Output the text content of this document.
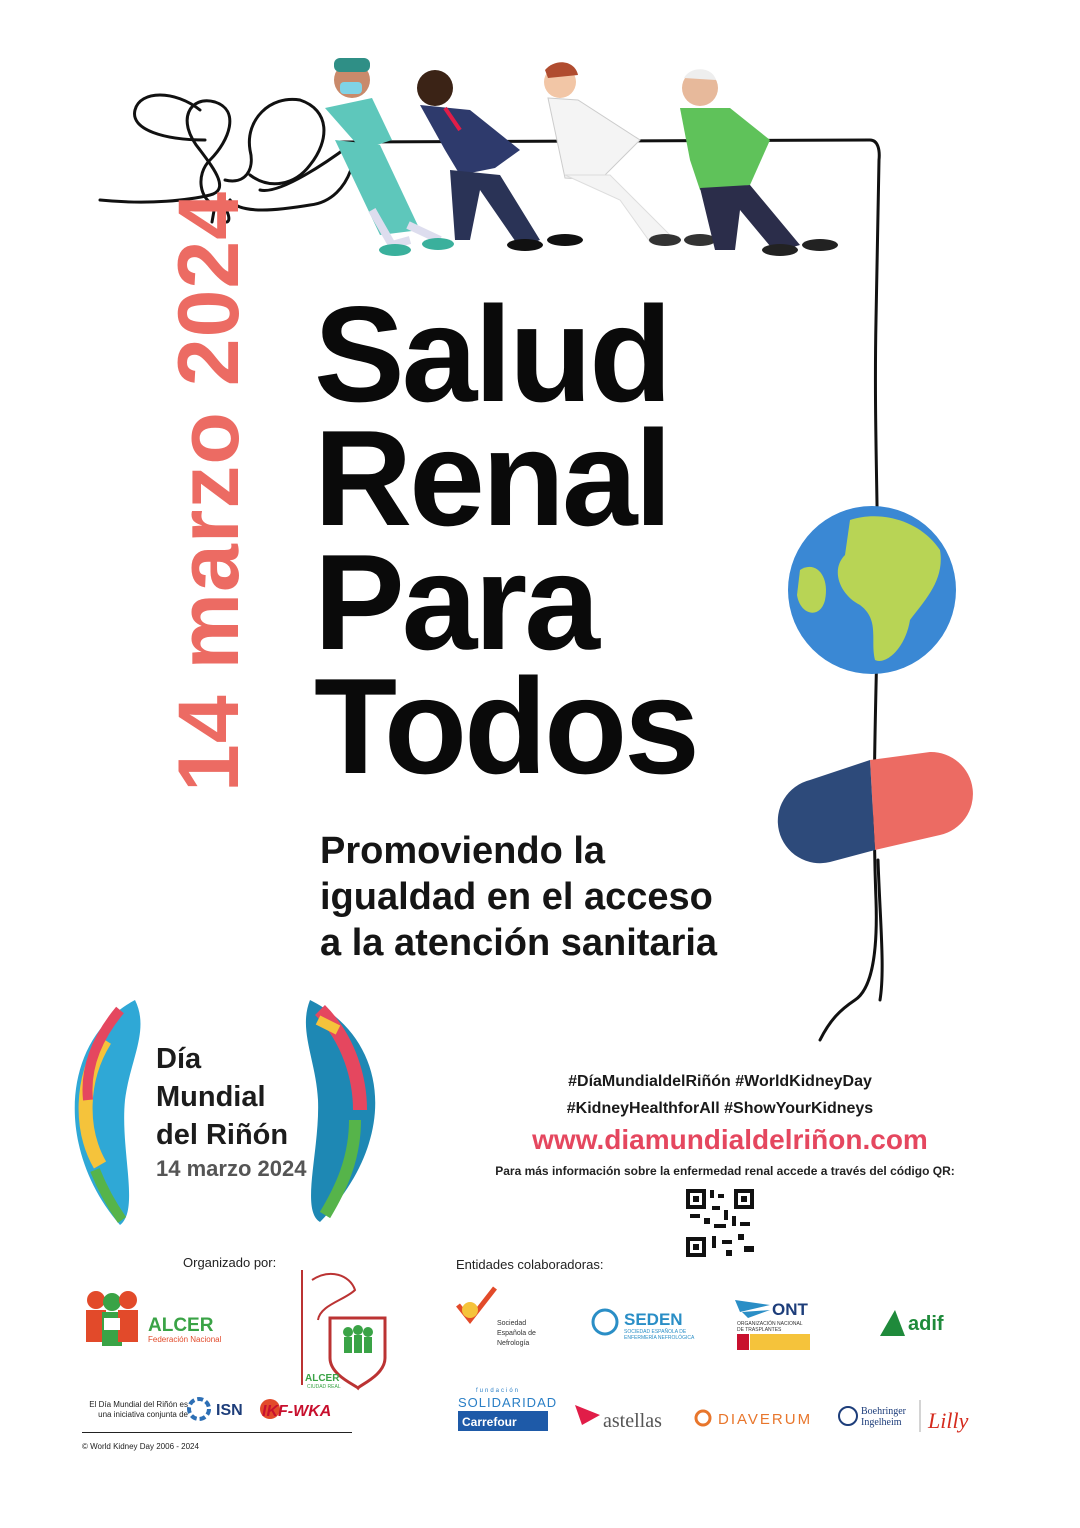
ALCER
Federación Nacional
ALCER
CIUDAD REAL
ISN IKF-WKA
Sociedad
Española de
Nefrología
SEDEN
SOCIEDAD ESPAÑOLA DE
ENFERMERÍA NEFROLÓGICA
ONT
ORGANIZACIÓN NACIONAL
DE TRASPLANTES	adif
fundación
SOLIDARIDAD
Carrefour	astellas	DIAVERUM	Boehringer
Ingelheim Lilly
14 marzo 2024 Salud
Renal
Para
Todos
Promoviendo la
igualdad en el acceso
a la atención sanitaria
Día
Mundial
del Riñón
14 marzo 2024
#DíaMundialdelRiñón #WorldKidneyDay
#KidneyHealthforAll #ShowYourKidneys
www.diamundialdelriñon.com
Para más información sobre la enfermedad renal accede a través del código QR:
Organizado por:	Entidades colaboradoras:
El Día Mundial del Riñón es
una iniciativa conjunta de
© World Kidney Day 2006 - 2024
